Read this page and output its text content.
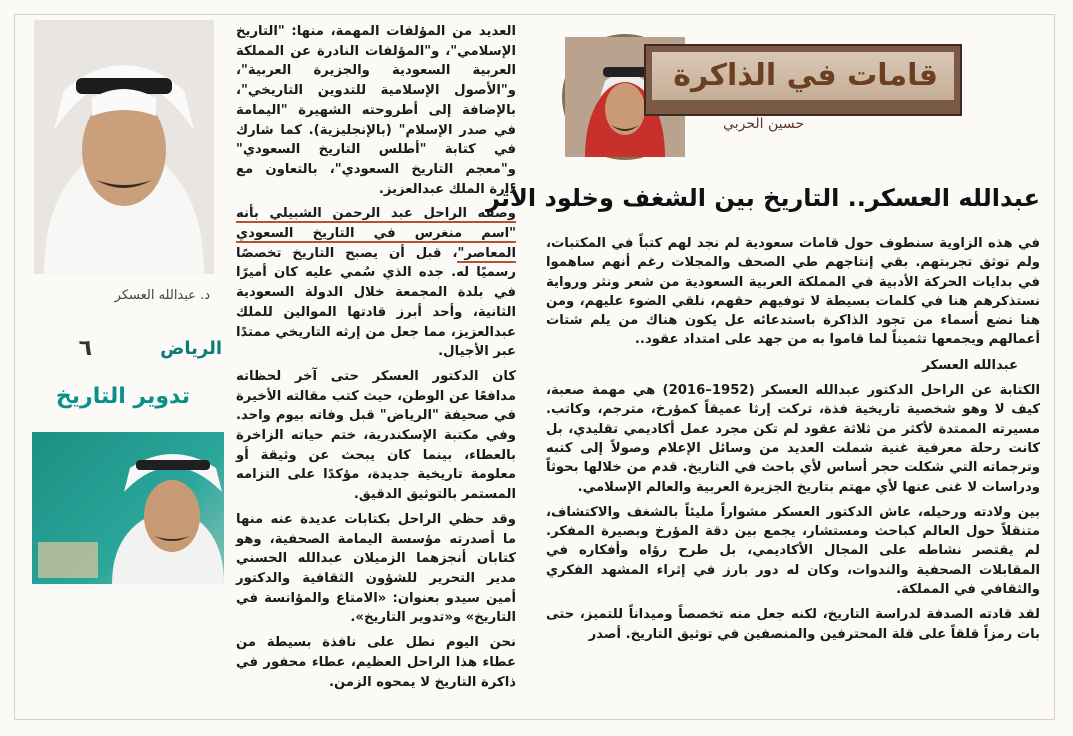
قامات في الذاكرة
حسين الحربي
عبدالله العسكر.. التاريخ بين الشغف وخلود الأثر

في هذه الزاوية سنطوف حول قامات سعودية لم نجد لهم كتباً في المكتبات، ولم توثق تجربتهم. بقي إنتاجهم طي الصحف والمجلات رغم أنهم ساهموا في بدايات الحركة الأدبية في المملكة العربية السعودية من شعر ونثر ورواية نستذكرهم هنا في كلمات بسيطة لا توفيهم حقهم، نلقي الضوء عليهم، ومن هنا نضع أسماء من تجود الذاكرة باستدعائه عل يكون هناك من يلم شتات أعمالهم ويجمعها تثميناً لما قاموا به من جهد على امتداد عقود..

عبدالله العسكر

الكتابة عن الراحل الدكتور عبدالله العسكر (1952–2016) هي مهمة صعبة، كيف لا وهو شخصية تاريخية فذة، تركت إرثا عميقاً كمؤرخ، مترجم، وكاتب. مسيرته الممتدة لأكثر من ثلاثة عقود لم تكن مجرد عمل أكاديمي تقليدي، بل كانت رحلة معرفية غنية شملت العديد من وسائل الإعلام وصولاً إلى كتبه وترجماته التي شكلت حجر أساس لأي باحث في التاريخ. قدم من خلالها بحوثاً ودراسات لا غنى عنها لأي مهتم بتاريخ الجزيرة العربية والعالم الإسلامي.

بين ولادته ورحيله، عاش الدكتور العسكر مشواراً مليئاً بالشغف والاكتشاف، متنقلاً حول العالم كباحث ومستشار، يجمع بين دقة المؤرخ وبصيرة المفكر. لم يقتصر نشاطه على المجال الأكاديمي، بل طرح رؤاه وأفكاره في المقابلات الصحفية والندوات، وكان له دور بارز في إثراء المشهد الفكري والثقافي في المملكة.

لقد قادته الصدفة لدراسة التاريخ، لكنه جعل منه تخصصاً وميداناً للتميز، حتى بات رمزاً قلقاً على قلة المحترفين والمنصفين في توثيق التاريخ. أصدر

العديد من المؤلفات المهمة، منها: "التاريخ الإسلامي"، و"المؤلفات النادرة عن المملكة العربية السعودية والجزيرة العربية"، و"الأصول الإسلامية للتدوين التاريخي"، بالإضافة إلى أطروحته الشهيرة "اليمامة في صدر الإسلام" (بالإنجليزية). كما شارك في كتابة "أطلس التاريخ السعودي" و"معجم التاريخ السعودي"، بالتعاون مع دارة الملك عبدالعزيز.

وصفه الراحل عبد الرحمن الشبيلي بأنه "اسم منغرس في التاريخ السعودي المعاصر"، قبل أن يصبح التاريخ تخصصًا رسميًا له. جده الذي سُمي عليه كان أميرًا في بلدة المجمعة خلال الدولة السعودية الثانية، وأحد أبرز قادتها الموالين للملك عبدالعزيز، مما جعل من إرثه التاريخي ممتدًا عبر الأجيال.

كان الدكتور العسكر حتى آخر لحظاته مدافعًا عن الوطن، حيث كتب مقالته الأخيرة في صحيفة "الرياض" قبل وفاته بيوم واحد. وفي مكتبة الإسكندرية، ختم حياته الزاخرة بالعطاء، بينما كان يبحث عن وثيقة أو معلومة تاريخية جديدة، مؤكدًا على التزامه المستمر بالتوثيق الدقيق.

وقد حظي الراحل بكتابات عديدة عنه منها ما أصدرته مؤسسة اليمامة الصحفية، وهو كتابان أنجزهما الزميلان عبدالله الحسني مدير التحرير للشؤون الثقافية والدكتور أمين سيدو بعنوان: «الامتاع والمؤانسة في التاريخ» و«تدوير التاريخ».

نحن اليوم نطل على نافذة بسيطة من عطاء هذا الراحل العظيم، عطاء محفور في ذاكرة التاريخ لا يمحوه الزمن.

د. عبدالله العسكر
الرياض
٦
تدوير التاريخ
